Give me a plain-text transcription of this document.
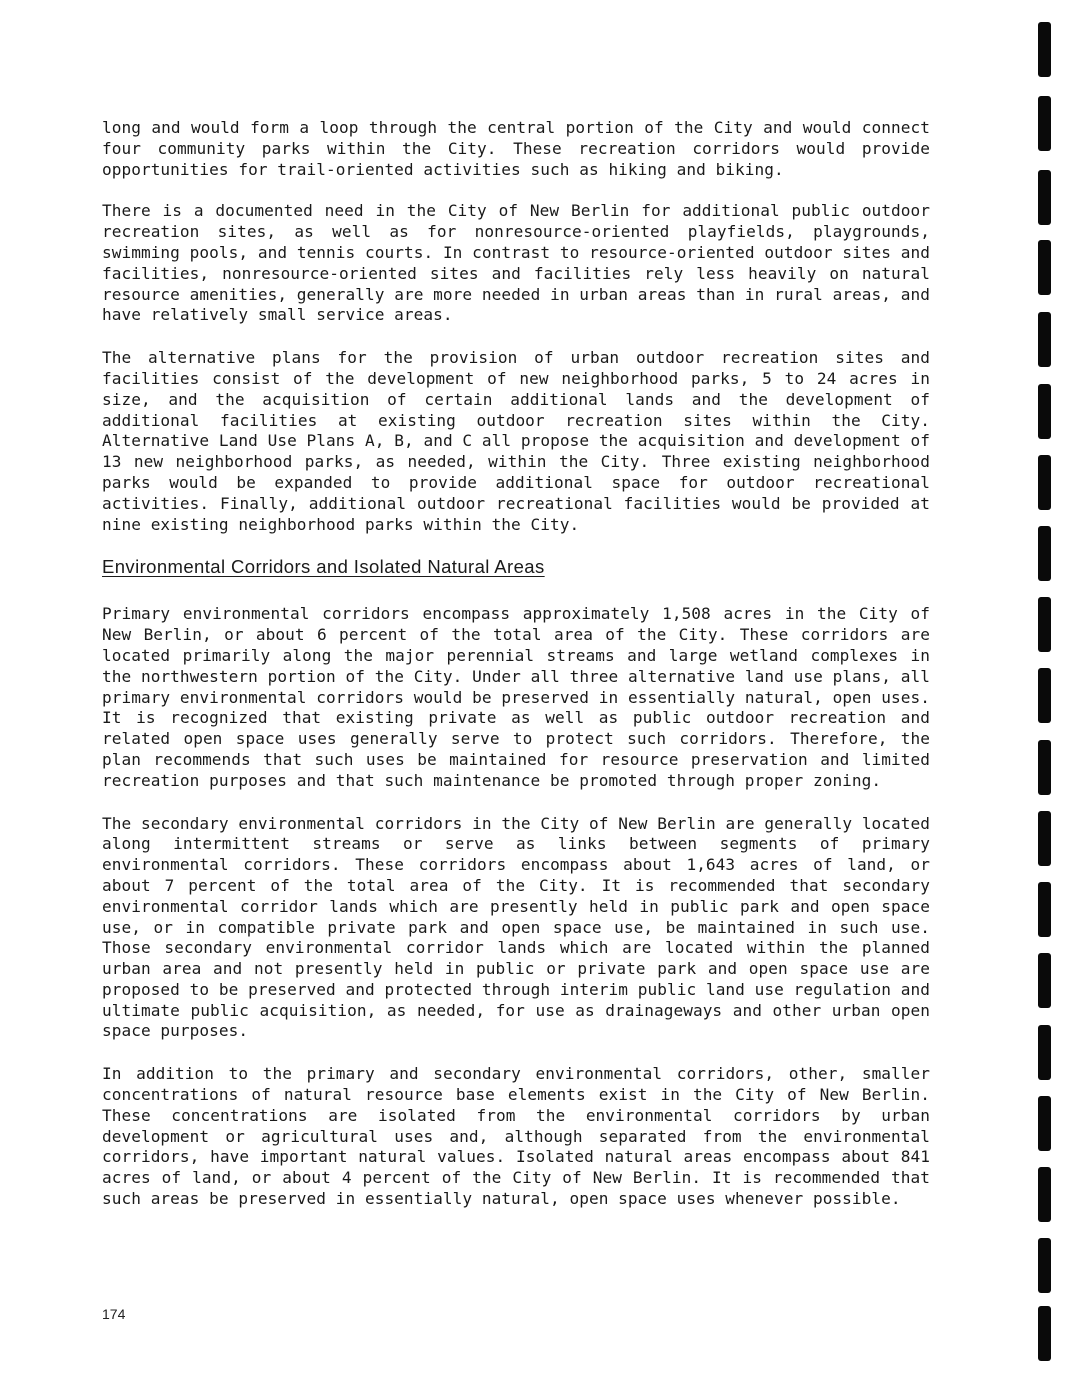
long and would form a loop through the central portion of the City and would connect four community parks within the City. These recreation corridors would provide opportunities for trail-oriented activities such as hiking and biking.

There is a documented need in the City of New Berlin for additional public outdoor recreation sites, as well as for nonresource-oriented playfields, playgrounds, swimming pools, and tennis courts. In contrast to resource-oriented outdoor sites and facilities, nonresource-oriented sites and facilities rely less heavily on natural resource amenities, generally are more needed in urban areas than in rural areas, and have relatively small service areas.

The alternative plans for the provision of urban outdoor recreation sites and facilities consist of the development of new neighborhood parks, 5 to 24 acres in size, and the acquisition of certain additional lands and the development of additional facilities at existing outdoor recreation sites within the City. Alternative Land Use Plans A, B, and C all propose the acquisition and development of 13 new neighborhood parks, as needed, within the City. Three existing neighborhood parks would be expanded to provide additional space for outdoor recreational activities. Finally, additional outdoor recreational facilities would be provided at nine existing neighborhood parks within the City.

Environmental Corridors and Isolated Natural Areas

Primary environmental corridors encompass approximately 1,508 acres in the City of New Berlin, or about 6 percent of the total area of the City. These corridors are located primarily along the major perennial streams and large wetland complexes in the northwestern portion of the City. Under all three alternative land use plans, all primary environmental corridors would be preserved in essentially natural, open uses. It is recognized that existing private as well as public outdoor recreation and related open space uses generally serve to protect such corridors. Therefore, the plan recommends that such uses be maintained for resource preservation and limited recreation purposes and that such maintenance be promoted through proper zoning.

The secondary environmental corridors in the City of New Berlin are generally located along intermittent streams or serve as links between segments of primary environmental corridors. These corridors encompass about 1,643 acres of land, or about 7 percent of the total area of the City. It is recommended that secondary environmental corridor lands which are presently held in public park and open space use, or in compatible private park and open space use, be maintained in such use. Those secondary environmental corridor lands which are located within the planned urban area and not presently held in public or private park and open space use are proposed to be preserved and protected through interim public land use regulation and ultimate public acquisition, as needed, for use as drainageways and other urban open space purposes.

In addition to the primary and secondary environmental corridors, other, smaller concentrations of natural resource base elements exist in the City of New Berlin. These concentrations are isolated from the environmental corridors by urban development or agricultural uses and, although separated from the environmental corridors, have important natural values. Isolated natural areas encompass about 841 acres of land, or about 4 percent of the City of New Berlin. It is recommended that such areas be preserved in essentially natural, open space uses whenever possible.

174
